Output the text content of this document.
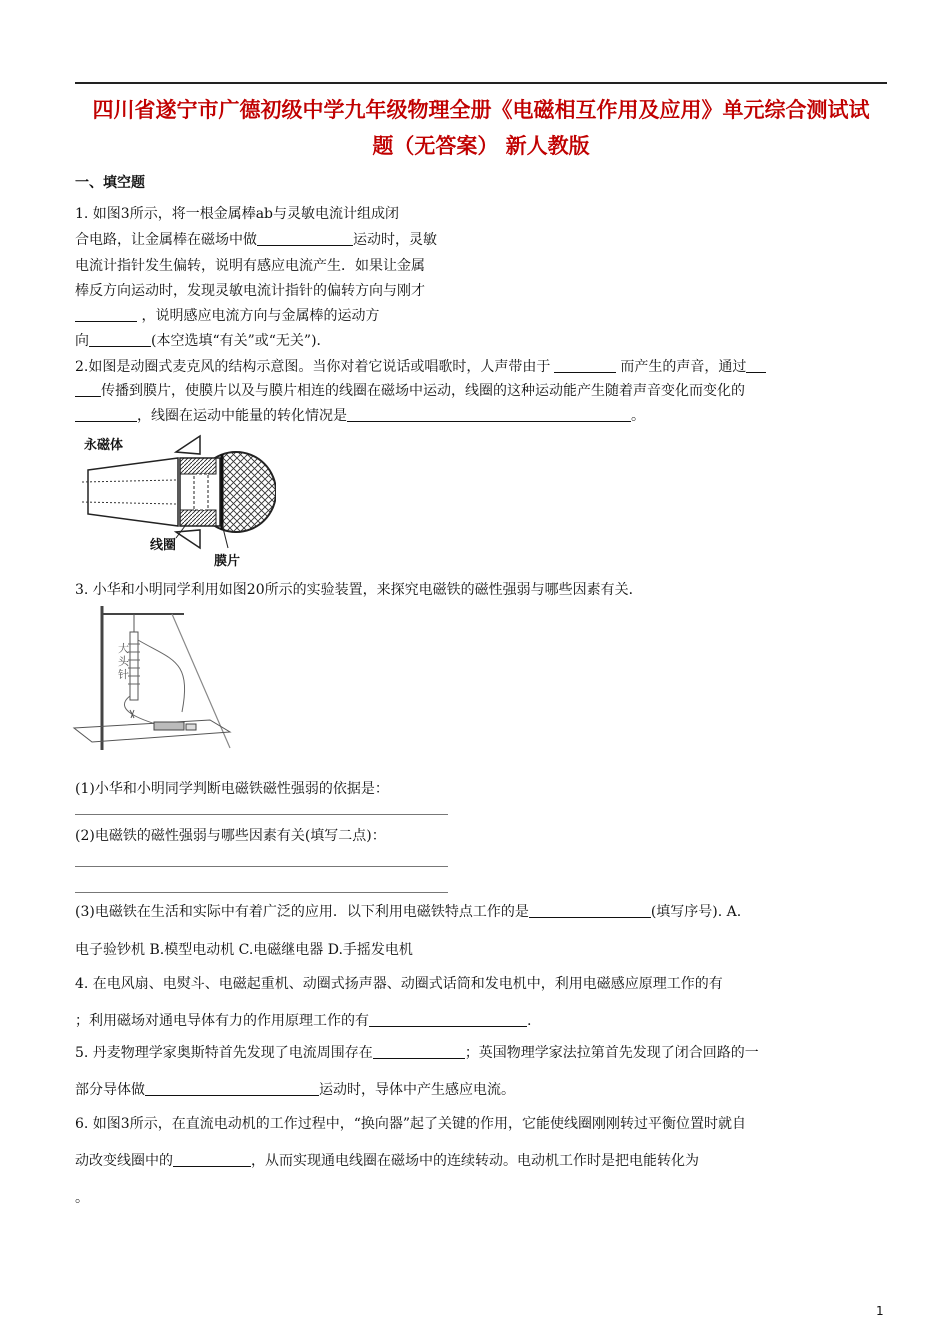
四川省遂宁市广德初级中学九年级物理全册《电磁相互作用及应用》单元综合测试试
题（无答案） 新人教版
一、填空题
1. 如图3所示，将一根金属棒ab与灵敏电流计组成闭
合电路，让金属棒在磁场中做	运动时，灵敏
电流计指针发生偏转，说明有感应电流产生．如果让金属
棒反方向运动时，发现灵敏电流计指针的偏转方向与刚才
，说明感应电流方向与金属棒的运动方
向	(本空选填“有关”或“无关”)．
2.如图是动圈式麦克风的结构示意图。当你对着它说话或唱歌时，人声带由于	而产生的声音，通过
传播到膜片，使膜片以及与膜片相连的线圈在磁场中运动，线圈的这种运动能产生随着声音变化而变化的
，线圈在运动中能量的转化情况是	。
永磁体
线圈
膜片
3. 小华和小明同学利用如图20所示的实验装置，来探究电磁铁的磁性强弱与哪些因素有关．
大头针
(1)小华和小明同学判断电磁铁磁性强弱的依据是：
(2)电磁铁的磁性强弱与哪些因素有关(填写二点)：
(3)电磁铁在生活和实际中有着广泛的应用．以下利用电磁铁特点工作的是	(填写序号). A.
电子验钞机 B.模型电动机 C.电磁继电器 D.手摇发电机
4. 在电风扇、电熨斗、电磁起重机、动圈式扬声器、动圈式话筒和发电机中，利用电磁感应原理工作的有
；利用磁场对通电导体有力的作用原理工作的有	.
5. 丹麦物理学家奥斯特首先发现了电流周围存在	；英国物理学家法拉第首先发现了闭合回路的一
部分导体做	运动时，导体中产生感应电流。
6. 如图3所示，在直流电动机的工作过程中，“换向器”起了关键的作用，它能使线圈刚刚转过平衡位置时就自
动改变线圈中的	，从而实现通电线圈在磁场中的连续转动。电动机工作时是把电能转化为
。
1
